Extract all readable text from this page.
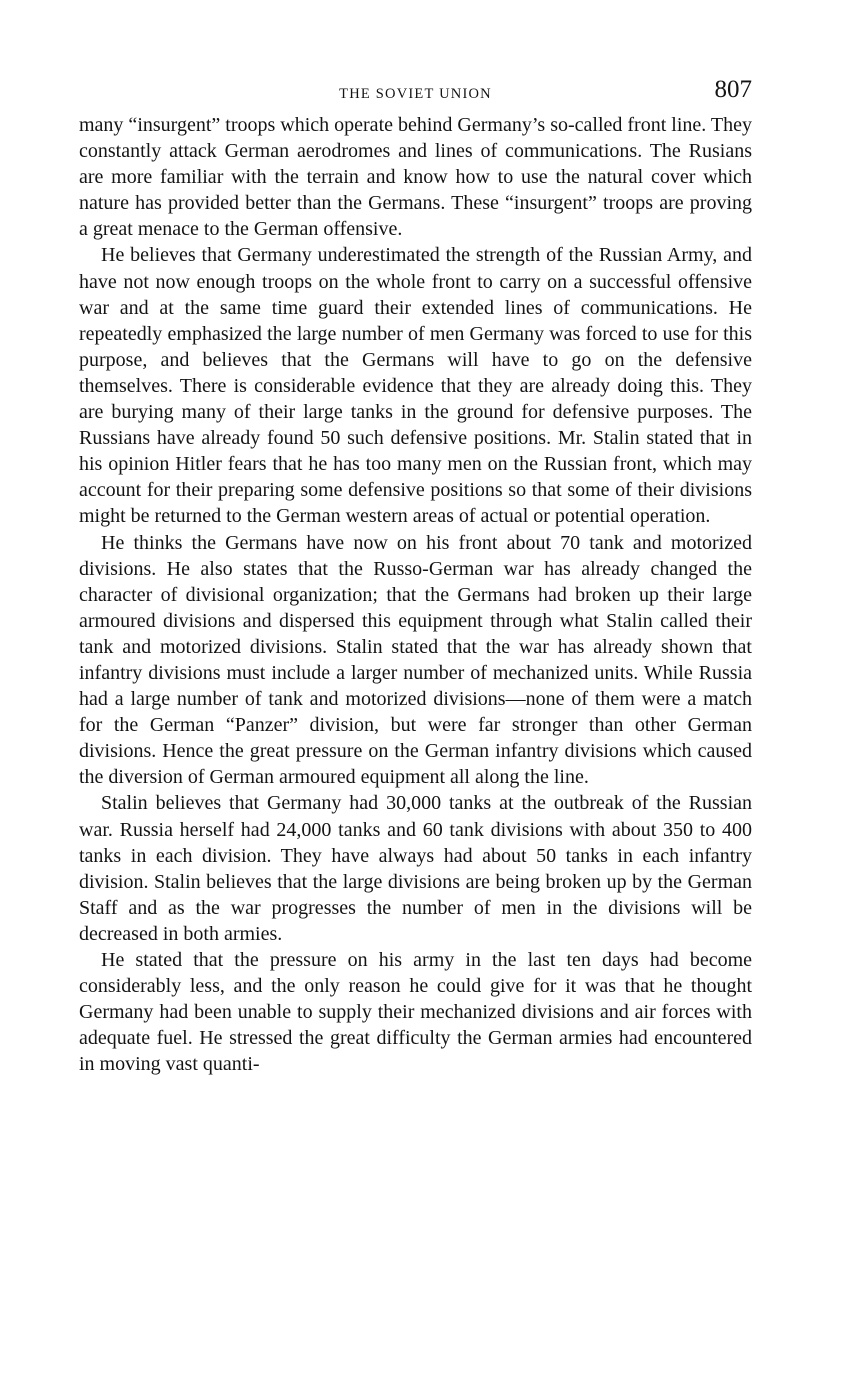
THE SOVIET UNION	807

many “insurgent” troops which operate behind Germany’s so-called front line. They constantly attack German aerodromes and lines of communications. The Rusians are more familiar with the terrain and know how to use the natural cover which nature has provided better than the Germans. These “insurgent” troops are proving a great menace to the German offensive.

He believes that Germany underestimated the strength of the Russian Army, and have not now enough troops on the whole front to carry on a successful offensive war and at the same time guard their extended lines of communications. He repeatedly emphasized the large number of men Germany was forced to use for this purpose, and believes that the Germans will have to go on the defensive themselves. There is considerable evidence that they are already doing this. They are burying many of their large tanks in the ground for defensive purposes. The Russians have already found 50 such defensive positions. Mr. Stalin stated that in his opinion Hitler fears that he has too many men on the Russian front, which may account for their preparing some defensive positions so that some of their divisions might be returned to the German western areas of actual or potential operation.

He thinks the Germans have now on his front about 70 tank and motorized divisions. He also states that the Russo-German war has already changed the character of divisional organization; that the Germans had broken up their large armoured divisions and dispersed this equipment through what Stalin called their tank and motorized divisions. Stalin stated that the war has already shown that infantry divisions must include a larger number of mechanized units. While Russia had a large number of tank and motorized divisions—none of them were a match for the German “Panzer” division, but were far stronger than other German divisions. Hence the great pressure on the German infantry divisions which caused the diversion of German armoured equipment all along the line.

Stalin believes that Germany had 30,000 tanks at the outbreak of the Russian war. Russia herself had 24,000 tanks and 60 tank divisions with about 350 to 400 tanks in each division. They have always had about 50 tanks in each infantry division. Stalin believes that the large divisions are being broken up by the German Staff and as the war progresses the number of men in the divisions will be decreased in both armies.

He stated that the pressure on his army in the last ten days had become considerably less, and the only reason he could give for it was that he thought Germany had been unable to supply their mechanized divisions and air forces with adequate fuel. He stressed the great difficulty the German armies had encountered in moving vast quanti-
